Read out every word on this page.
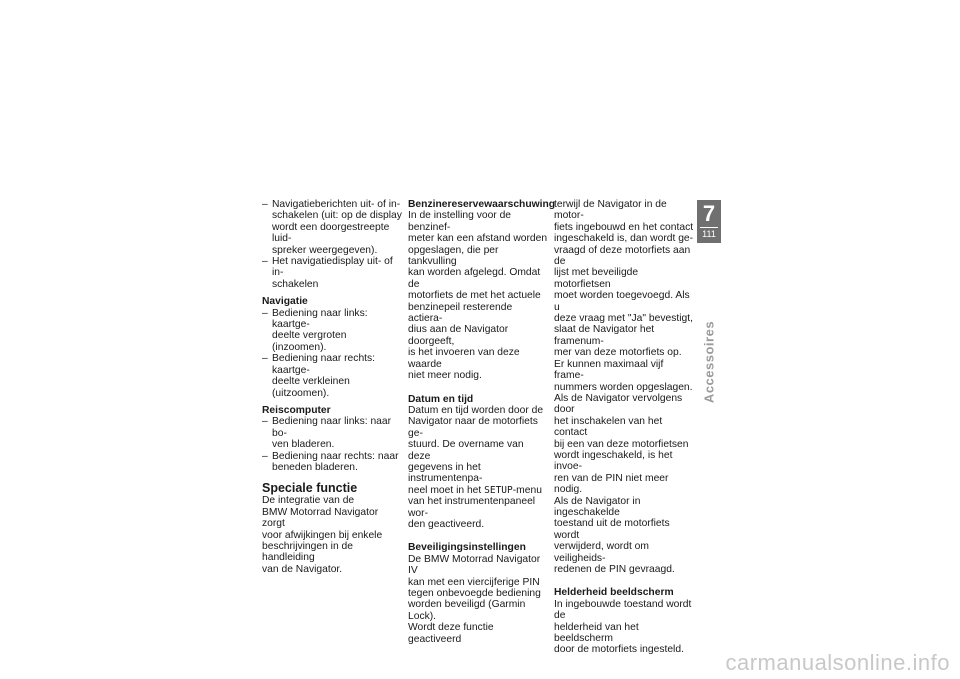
– Navigatieberichten uit- of in-
schakelen (uit: op de display
wordt een doorgestreepte luid-
spreker weergegeven).
– Het navigatiedisplay uit- of in-
schakelen
Navigatie
– Bediening naar links: kaartge-
deelte vergroten (inzoomen).
– Bediening naar rechts: kaartge-
deelte verkleinen (uitzoomen).
Reiscomputer
– Bediening naar links: naar bo-
ven bladeren.
– Bediening naar rechts: naar
beneden bladeren.
Speciale functie
De integratie van de
BMW Motorrad Navigator zorgt
voor afwijkingen bij enkele
beschrijvingen in de handleiding
van de Navigator.
Benzinereservewaarschuwing
In de instelling voor de benzinef-
meter kan een afstand worden
opgeslagen, die per tankvulling
kan worden afgelegd. Omdat de
motorfiets de met het actuele
benzinepeil resterende actiera-
dius aan de Navigator doorgeeft,
is het invoeren van deze waarde
niet meer nodig.
Datum en tijd
Datum en tijd worden door de
Navigator naar de motorfiets ge-
stuurd. De overname van deze
gegevens in het instrumentenpa-
neel moet in het SETUP-menu
van het instrumentenpaneel wor-
den geactiveerd.
Beveiligingsinstellingen
De BMW Motorrad Navigator IV
kan met een viercijferige PIN
tegen onbevoegde bediening
worden beveiligd (Garmin Lock).
Wordt deze functie geactiveerd
terwijl de Navigator in de motor-
fiets ingebouwd en het contact
ingeschakeld is, dan wordt ge-
vraagd of deze motorfiets aan de
lijst met beveiligde motorfietsen
moet worden toegevoegd. Als u
deze vraag met "Ja" bevestigt,
slaat de Navigator het framenum-
mer van deze motorfiets op.
Er kunnen maximaal vijf frame-
nummers worden opgeslagen.
Als de Navigator vervolgens door
het inschakelen van het contact
bij een van deze motorfietsen
wordt ingeschakeld, is het invoe-
ren van de PIN niet meer nodig.
Als de Navigator in ingeschakelde
toestand uit de motorfiets wordt
verwijderd, wordt om veiligheids-
redenen de PIN gevraagd.
Helderheid beeldscherm
In ingebouwde toestand wordt de
helderheid van het beeldscherm
door de motorfiets ingesteld.
7
111
Accessoires
carmanualsonline.info
